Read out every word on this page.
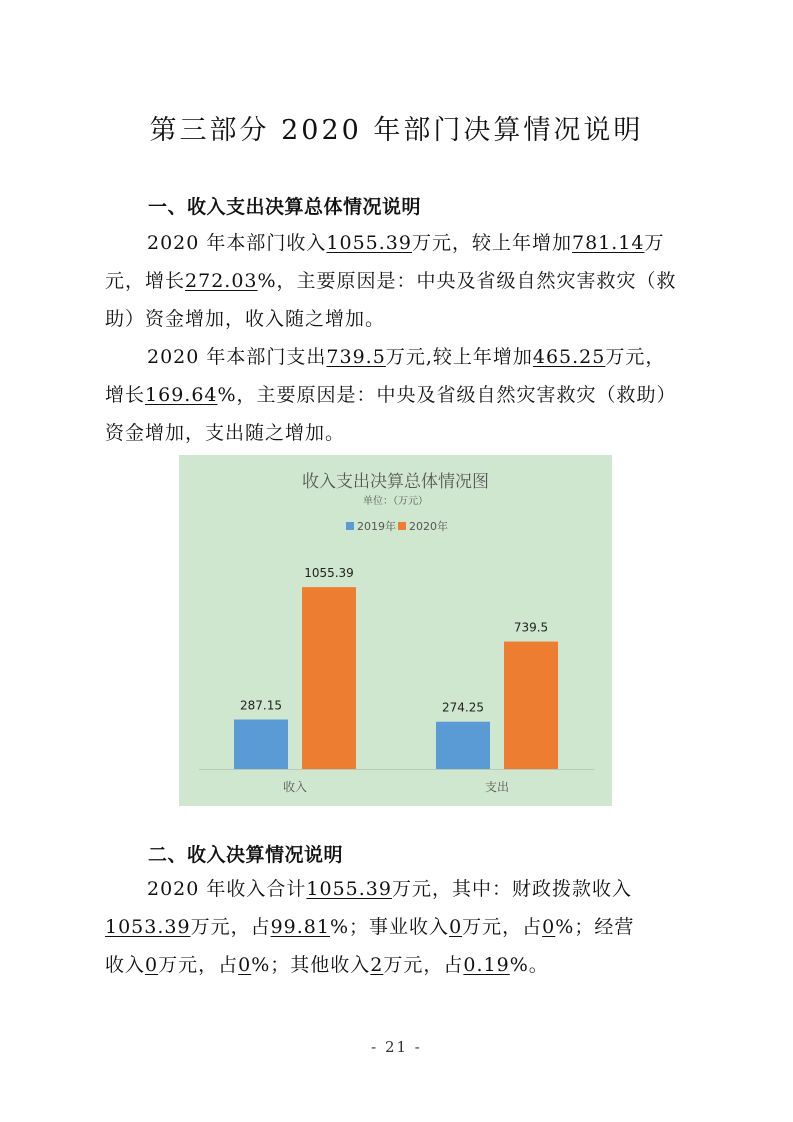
第三部分 2020 年部门决算情况说明
一、收入支出决算总体情况说明
2020 年本部门收入1055.39万元，较上年增加781.14万
元，增长272.03%，主要原因是：中央及省级自然灾害救灾（救
助）资金增加，收入随之增加。
2020 年本部门支出739.5万元,较上年增加465.25万元，
增长169.64%，主要原因是：中央及省级自然灾害救灾（救助）
资金增加，支出随之增加。
收入支出决算总体情况图
单位：（万元）
2019年 2020年
287.15
1055.39
收入
274.25
739.5
支出
二、收入决算情况说明
2020 年收入合计1055.39万元，其中：财政拨款收入
1053.39万元，占99.81%；事业收入0万元，占0%；经营
收入0万元，占0%；其他收入2万元，占0.19%。
- 21 -
